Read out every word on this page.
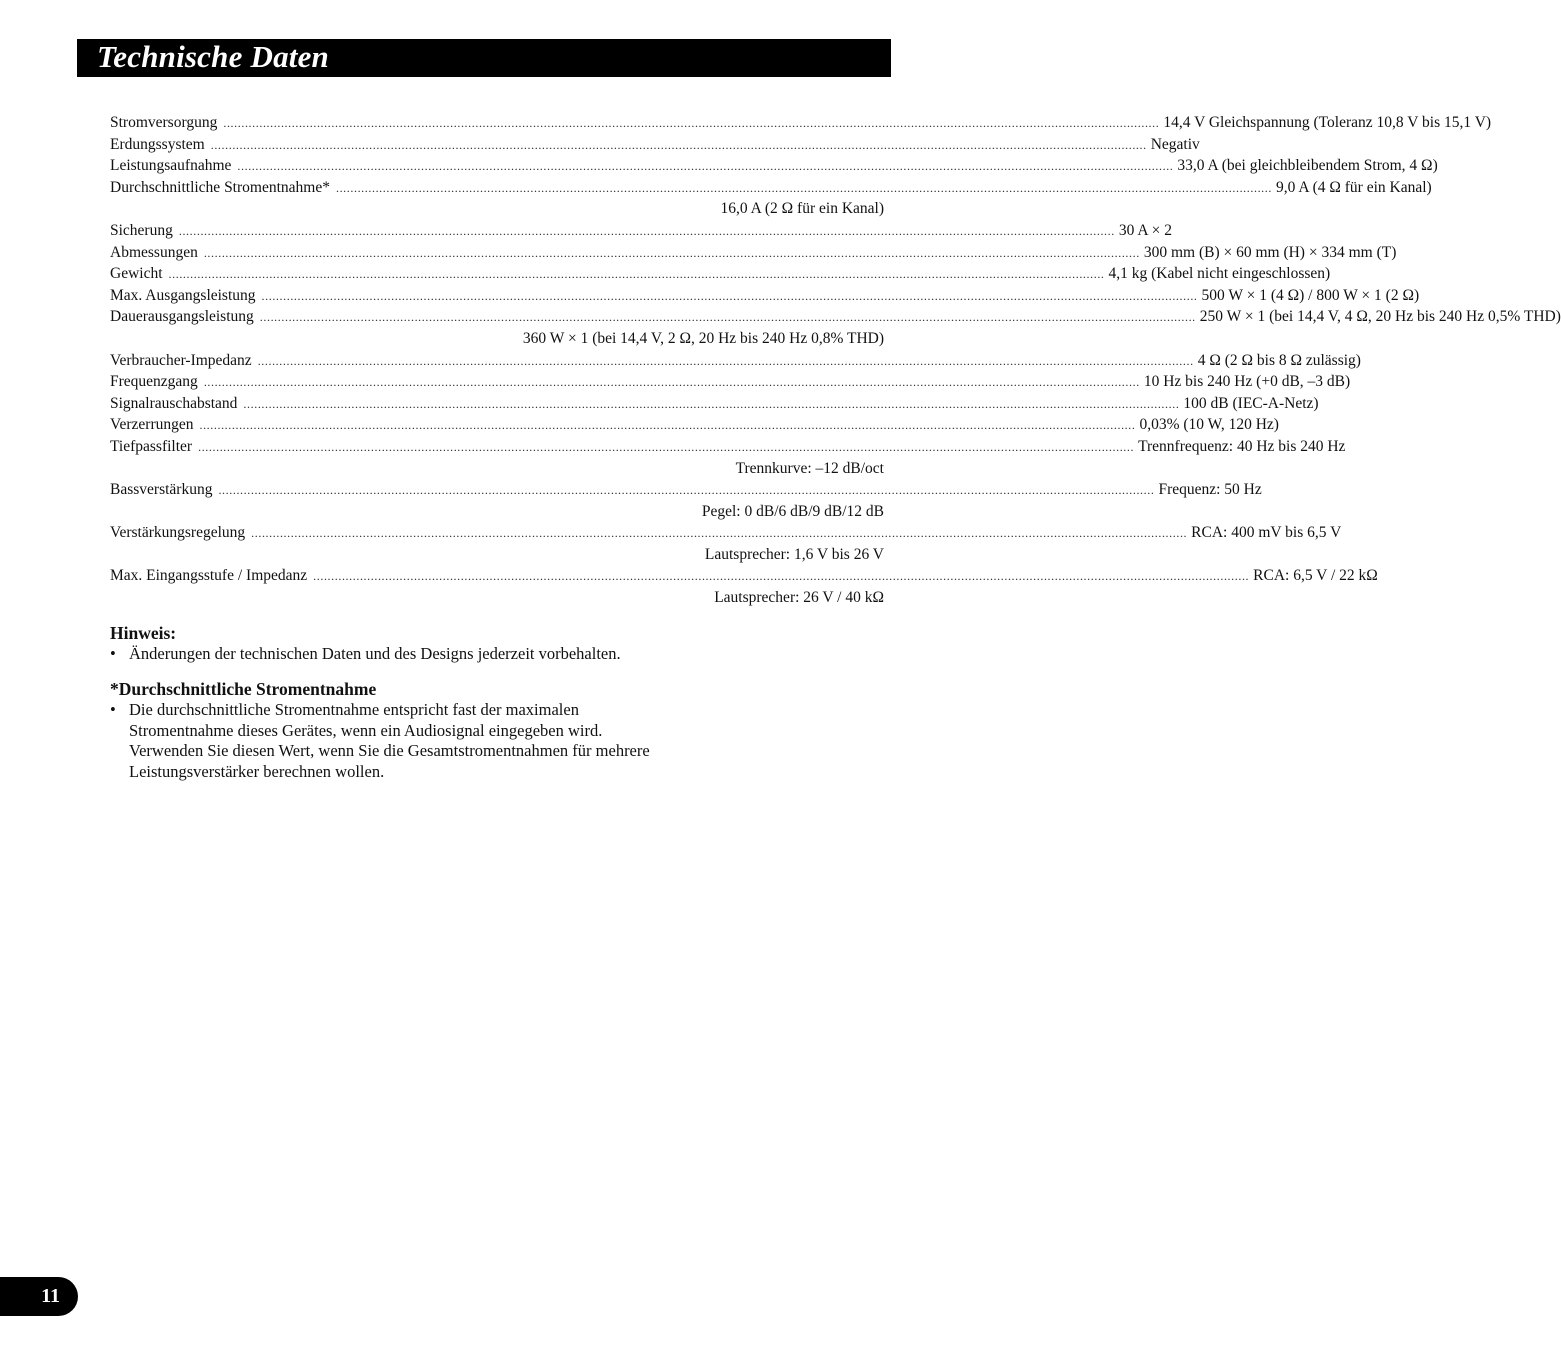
Technische Daten
Stromversorgung .................................................................................................................................................................................................................................................................... 14,4 V Gleichspannung (Toleranz 10,8 V bis 15,1 V)
Erdungssystem .................................................................................................................................................................................................................................................................... Negativ
Leistungsaufnahme .................................................................................................................................................................................................................................................................... 33,0 A (bei gleichbleibendem Strom, 4 Ω)
Durchschnittliche Stromentnahme* .................................................................................................................................................................................................................................................................... 9,0 A (4 Ω für ein Kanal)
16,0 A (2 Ω für ein Kanal)
Sicherung .................................................................................................................................................................................................................................................................... 30 A × 2
Abmessungen .................................................................................................................................................................................................................................................................... 300 mm (B) × 60 mm (H) × 334 mm (T)
Gewicht .................................................................................................................................................................................................................................................................... 4,1 kg (Kabel nicht eingeschlossen)
Max. Ausgangsleistung .................................................................................................................................................................................................................................................................... 500 W × 1 (4 Ω) / 800 W × 1 (2 Ω)
Dauerausgangsleistung .................................................................................................................................................................................................................................................................... 250 W × 1 (bei 14,4 V, 4 Ω, 20 Hz bis 240 Hz 0,5% THD)
360 W × 1 (bei 14,4 V, 2 Ω, 20 Hz bis 240 Hz 0,8% THD)
Verbraucher-Impedanz .................................................................................................................................................................................................................................................................... 4 Ω (2 Ω bis 8 Ω zulässig)
Frequenzgang .................................................................................................................................................................................................................................................................... 10 Hz bis 240 Hz (+0 dB, –3 dB)
Signalrauschabstand .................................................................................................................................................................................................................................................................... 100 dB (IEC-A-Netz)
Verzerrungen .................................................................................................................................................................................................................................................................... 0,03% (10 W, 120 Hz)
Tiefpassfilter .................................................................................................................................................................................................................................................................... Trennfrequenz: 40 Hz bis 240 Hz
Trennkurve: –12 dB/oct
Bassverstärkung .................................................................................................................................................................................................................................................................... Frequenz: 50 Hz
Pegel: 0 dB/6 dB/9 dB/12 dB
Verstärkungsregelung .................................................................................................................................................................................................................................................................... RCA: 400 mV bis 6,5 V
Lautsprecher: 1,6 V bis 26 V
Max. Eingangsstufe / Impedanz .................................................................................................................................................................................................................................................................... RCA: 6,5 V / 22 kΩ
Lautsprecher: 26 V / 40 kΩ
Hinweis:
• Änderungen der technischen Daten und des Designs jederzeit vorbehalten.
*Durchschnittliche Stromentnahme
• Die durchschnittliche Stromentnahme entspricht fast der maximalen
Stromentnahme dieses Gerätes, wenn ein Audiosignal eingegeben wird.
Verwenden Sie diesen Wert, wenn Sie die Gesamtstromentnahmen für mehrere
Leistungsverstärker berechnen wollen.
11
